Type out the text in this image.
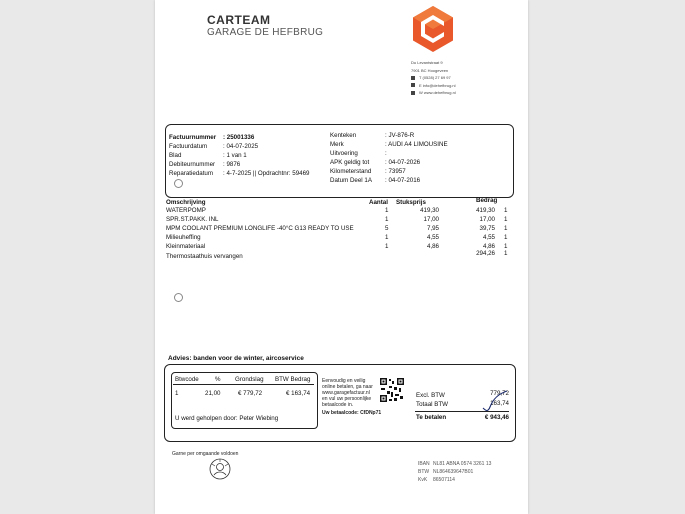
CARTEAM
GARAGE DE HEFBRUG
Du Levantstraat 9
7901 BC Hoogeveen
T (0528) 27 69 97
E info@dehefbrug.nl
W www.dehefbrug.nl
Factuurnummer : 25001336
Factuurdatum	: 04-07-2025
Blad	: 1 van 1
Debiteurnummer : 9876
Reparatiedatum : 4-7-2025 || Opdrachtnr: 59469
Kenteken	: JV-876-R
Merk	: AUDI A4 LIMOUSINE
Uitvoering	:
APK geldig tot	: 04-07-2026
Kilometerstand : 73957
Datum Deel 1A : 04-07-2016
Omschrijving	Aantal Stuksprijs	Bedrag
WATERPOMP	1	419,30	419,30 1
SPR.ST.PAKK. INL	1	17,00	17,00 1
MPM COOLANT PREMIUM LONGLIFE -40°C G13 READY TO USE	5	7,95	39,75 1
Milieuheffing	1	4,55	4,55 1
Kleinmateriaal	1	4,86	4,86 1
Thermostaathuis vervangen	294,26 1
Advies: banden voor de winter, aircoservice
Btwcode	% Grondslag BTW Bedrag
1	21,00	€ 779,72	€ 163,74
U werd geholpen door: Peter Wiebing
Eenvoudig en veilig
online betalen, ga naar
www.garagefactuur.nl
en vul uw persoonlijke
betaalcode in.
Uw betaalcode: CfDNp71
Excl. BTW	779,72
Totaal BTW	163,74
Te betalen	€ 943,46
Garne per omgaande voldoen
IBAN NL81 ABNA 0574 3261 13
BTW NL864639647B01
KvK 86507114
